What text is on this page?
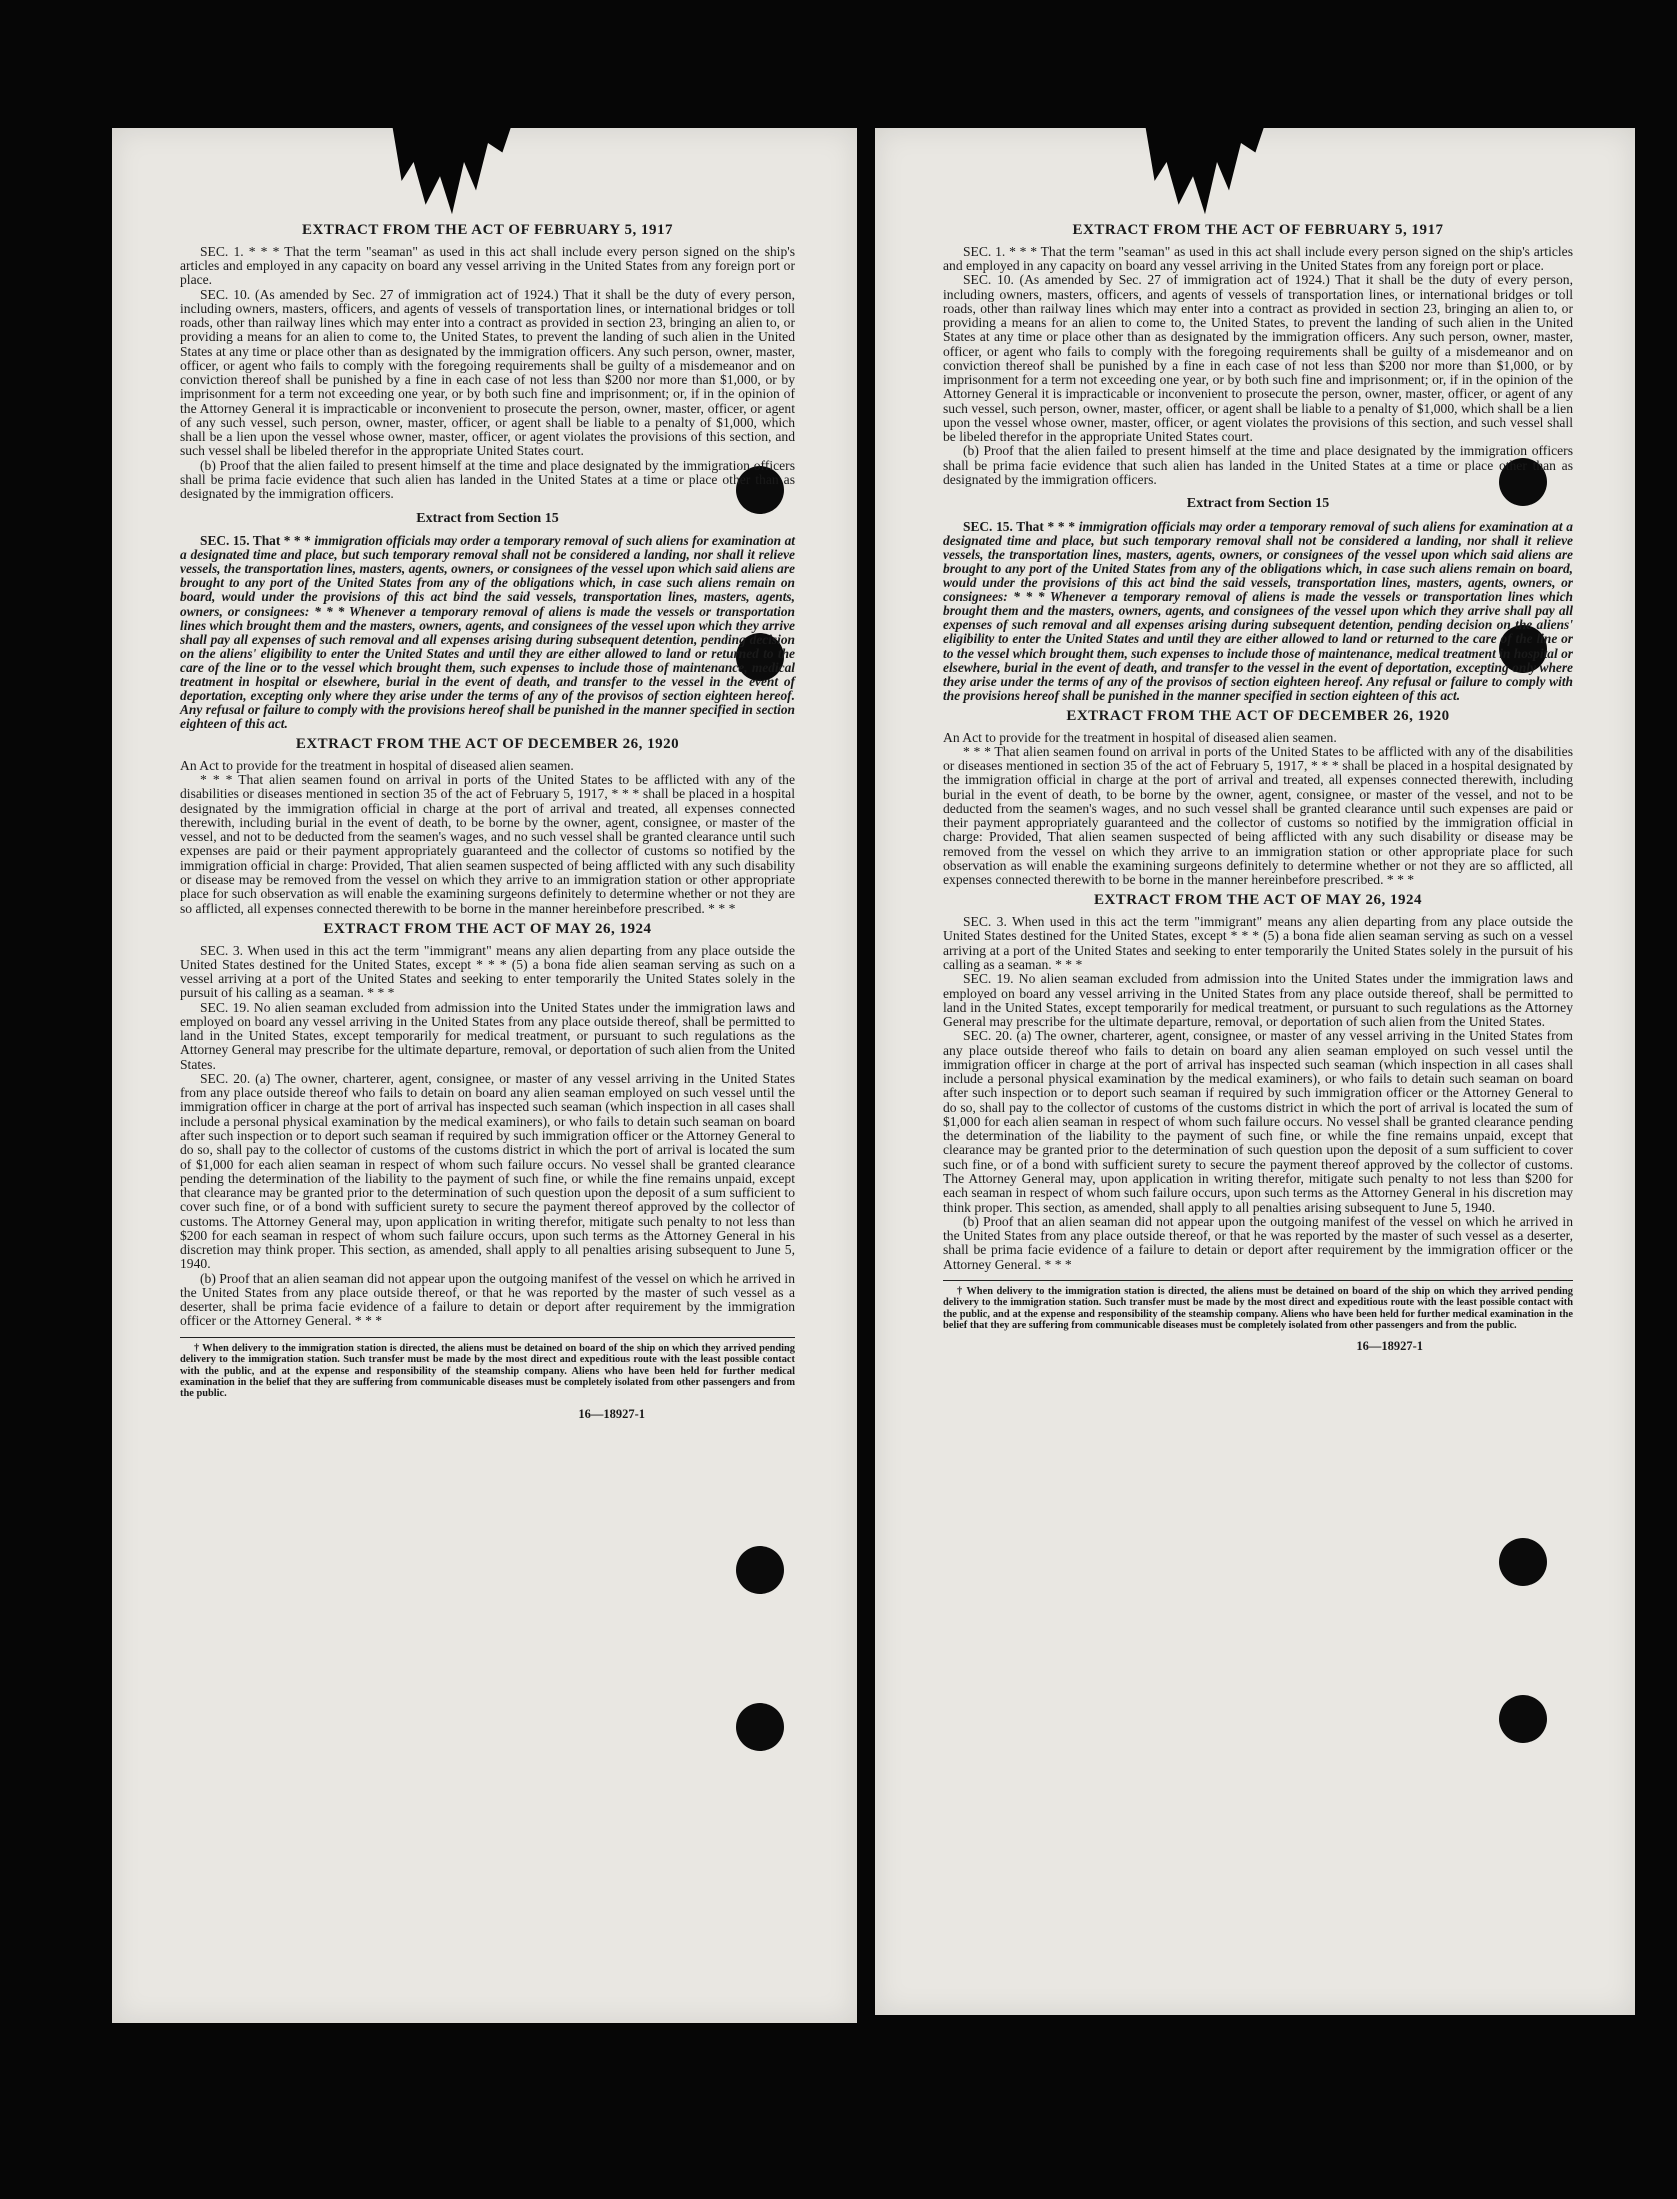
EXTRACT FROM THE ACT OF FEBRUARY 5, 1917

SEC. 1. * * * That the term "seaman" as used in this act shall include every person signed on the ship's articles and employed in any capacity on board any vessel arriving in the United States from any foreign port or place.

SEC. 10. (As amended by Sec. 27 of immigration act of 1924.) That it shall be the duty of every person, including owners, masters, officers, and agents of vessels of transportation lines, or international bridges or toll roads, other than railway lines which may enter into a contract as provided in section 23, bringing an alien to, or providing a means for an alien to come to, the United States, to prevent the landing of such alien in the United States at any time or place other than as designated by the immigration officers. Any such person, owner, master, officer, or agent who fails to comply with the foregoing requirements shall be guilty of a misdemeanor and on conviction thereof shall be punished by a fine in each case of not less than $200 nor more than $1,000, or by imprisonment for a term not exceeding one year, or by both such fine and imprisonment; or, if in the opinion of the Attorney General it is impracticable or inconvenient to prosecute the person, owner, master, officer, or agent of any such vessel, such person, owner, master, officer, or agent shall be liable to a penalty of $1,000, which shall be a lien upon the vessel whose owner, master, officer, or agent violates the provisions of this section, and such vessel shall be libeled therefor in the appropriate United States court.

(b) Proof that the alien failed to present himself at the time and place designated by the immigration officers shall be prima facie evidence that such alien has landed in the United States at a time or place other than as designated by the immigration officers.

Extract from Section 15

SEC. 15. That * * * immigration officials may order a temporary removal of such aliens for examination at a designated time and place, but such temporary removal shall not be considered a landing, nor shall it relieve vessels, the transportation lines, masters, agents, owners, or consignees of the vessel upon which said aliens are brought to any port of the United States from any of the obligations which, in case such aliens remain on board, would under the provisions of this act bind the said vessels, transportation lines, masters, agents, owners, or consignees: * * * Whenever a temporary removal of aliens is made the vessels or transportation lines which brought them and the masters, owners, agents, and consignees of the vessel upon which they arrive shall pay all expenses of such removal and all expenses arising during subsequent detention, pending decision on the aliens' eligibility to enter the United States and until they are either allowed to land or returned to the care of the line or to the vessel which brought them, such expenses to include those of maintenance, medical treatment in hospital or elsewhere, burial in the event of death, and transfer to the vessel in the event of deportation, excepting only where they arise under the terms of any of the provisos of section eighteen hereof. Any refusal or failure to comply with the provisions hereof shall be punished in the manner specified in section eighteen of this act.

EXTRACT FROM THE ACT OF DECEMBER 26, 1920

An Act to provide for the treatment in hospital of diseased alien seamen.

* * * That alien seamen found on arrival in ports of the United States to be afflicted with any of the disabilities or diseases mentioned in section 35 of the act of February 5, 1917, * * * shall be placed in a hospital designated by the immigration official in charge at the port of arrival and treated, all expenses connected therewith, including burial in the event of death, to be borne by the owner, agent, consignee, or master of the vessel, and not to be deducted from the seamen's wages, and no such vessel shall be granted clearance until such expenses are paid or their payment appropriately guaranteed and the collector of customs so notified by the immigration official in charge: Provided, That alien seamen suspected of being afflicted with any such disability or disease may be removed from the vessel on which they arrive to an immigration station or other appropriate place for such observation as will enable the examining surgeons definitely to determine whether or not they are so afflicted, all expenses connected therewith to be borne in the manner hereinbefore prescribed. * * *

EXTRACT FROM THE ACT OF MAY 26, 1924

SEC. 3. When used in this act the term "immigrant" means any alien departing from any place outside the United States destined for the United States, except * * * (5) a bona fide alien seaman serving as such on a vessel arriving at a port of the United States and seeking to enter temporarily the United States solely in the pursuit of his calling as a seaman. * * *

SEC. 19. No alien seaman excluded from admission into the United States under the immigration laws and employed on board any vessel arriving in the United States from any place outside thereof, shall be permitted to land in the United States, except temporarily for medical treatment, or pursuant to such regulations as the Attorney General may prescribe for the ultimate departure, removal, or deportation of such alien from the United States.

SEC. 20. (a) The owner, charterer, agent, consignee, or master of any vessel arriving in the United States from any place outside thereof who fails to detain on board any alien seaman employed on such vessel until the immigration officer in charge at the port of arrival has inspected such seaman (which inspection in all cases shall include a personal physical examination by the medical examiners), or who fails to detain such seaman on board after such inspection or to deport such seaman if required by such immigration officer or the Attorney General to do so, shall pay to the collector of customs of the customs district in which the port of arrival is located the sum of $1,000 for each alien seaman in respect of whom such failure occurs. No vessel shall be granted clearance pending the determination of the liability to the payment of such fine, or while the fine remains unpaid, except that clearance may be granted prior to the determination of such question upon the deposit of a sum sufficient to cover such fine, or of a bond with sufficient surety to secure the payment thereof approved by the collector of customs. The Attorney General may, upon application in writing therefor, mitigate such penalty to not less than $200 for each seaman in respect of whom such failure occurs, upon such terms as the Attorney General in his discretion may think proper. This section, as amended, shall apply to all penalties arising subsequent to June 5, 1940.

(b) Proof that an alien seaman did not appear upon the outgoing manifest of the vessel on which he arrived in the United States from any place outside thereof, or that he was reported by the master of such vessel as a deserter, shall be prima facie evidence of a failure to detain or deport after requirement by the immigration officer or the Attorney General. * * *

† When delivery to the immigration station is directed, the aliens must be detained on board of the ship on which they arrived pending delivery to the immigration station. Such transfer must be made by the most direct and expeditious route with the least possible contact with the public, and at the expense and responsibility of the steamship company. Aliens who have been held for further medical examination in the belief that they are suffering from communicable diseases must be completely isolated from other passengers and from the public.

16—18927-1
EXTRACT FROM THE ACT OF FEBRUARY 5, 1917

SEC. 1. * * * That the term "seaman" as used in this act shall include every person signed on the ship's articles and employed in any capacity on board any vessel arriving in the United States from any foreign port or place.

SEC. 10. (As amended by Sec. 27 of immigration act of 1924.) That it shall be the duty of every person, including owners, masters, officers, and agents of vessels of transportation lines, or international bridges or toll roads, other than railway lines which may enter into a contract as provided in section 23, bringing an alien to, or providing a means for an alien to come to, the United States, to prevent the landing of such alien in the United States at any time or place other than as designated by the immigration officers. Any such person, owner, master, officer, or agent who fails to comply with the foregoing requirements shall be guilty of a misdemeanor and on conviction thereof shall be punished by a fine in each case of not less than $200 nor more than $1,000, or by imprisonment for a term not exceeding one year, or by both such fine and imprisonment; or, if in the opinion of the Attorney General it is impracticable or inconvenient to prosecute the person, owner, master, officer, or agent of any such vessel, such person, owner, master, officer, or agent shall be liable to a penalty of $1,000, which shall be a lien upon the vessel whose owner, master, officer, or agent violates the provisions of this section, and such vessel shall be libeled therefor in the appropriate United States court.

(b) Proof that the alien failed to present himself at the time and place designated by the immigration officers shall be prima facie evidence that such alien has landed in the United States at a time or place other than as designated by the immigration officers.

Extract from Section 15

SEC. 15. That * * * immigration officials may order a temporary removal of such aliens for examination at a designated time and place, but such temporary removal shall not be considered a landing, nor shall it relieve vessels, the transportation lines, masters, agents, owners, or consignees of the vessel upon which said aliens are brought to any port of the United States from any of the obligations which, in case such aliens remain on board, would under the provisions of this act bind the said vessels, transportation lines, masters, agents, owners, or consignees: * * * Whenever a temporary removal of aliens is made the vessels or transportation lines which brought them and the masters, owners, agents, and consignees of the vessel upon which they arrive shall pay all expenses of such removal and all expenses arising during subsequent detention, pending decision on the aliens' eligibility to enter the United States and until they are either allowed to land or returned to the care of the line or to the vessel which brought them, such expenses to include those of maintenance, medical treatment in hospital or elsewhere, burial in the event of death, and transfer to the vessel in the event of deportation, excepting only where they arise under the terms of any of the provisos of section eighteen hereof. Any refusal or failure to comply with the provisions hereof shall be punished in the manner specified in section eighteen of this act.

EXTRACT FROM THE ACT OF DECEMBER 26, 1920

An Act to provide for the treatment in hospital of diseased alien seamen.

* * * That alien seamen found on arrival in ports of the United States to be afflicted with any of the disabilities or diseases mentioned in section 35 of the act of February 5, 1917, * * * shall be placed in a hospital designated by the immigration official in charge at the port of arrival and treated, all expenses connected therewith, including burial in the event of death, to be borne by the owner, agent, consignee, or master of the vessel, and not to be deducted from the seamen's wages, and no such vessel shall be granted clearance until such expenses are paid or their payment appropriately guaranteed and the collector of customs so notified by the immigration official in charge: Provided, That alien seamen suspected of being afflicted with any such disability or disease may be removed from the vessel on which they arrive to an immigration station or other appropriate place for such observation as will enable the examining surgeons definitely to determine whether or not they are so afflicted, all expenses connected therewith to be borne in the manner hereinbefore prescribed. * * *

EXTRACT FROM THE ACT OF MAY 26, 1924

SEC. 3. When used in this act the term "immigrant" means any alien departing from any place outside the United States destined for the United States, except * * * (5) a bona fide alien seaman serving as such on a vessel arriving at a port of the United States and seeking to enter temporarily the United States solely in the pursuit of his calling as a seaman. * * *

SEC. 19. No alien seaman excluded from admission into the United States under the immigration laws and employed on board any vessel arriving in the United States from any place outside thereof, shall be permitted to land in the United States, except temporarily for medical treatment, or pursuant to such regulations as the Attorney General may prescribe for the ultimate departure, removal, or deportation of such alien from the United States.

SEC. 20. (a) The owner, charterer, agent, consignee, or master of any vessel arriving in the United States from any place outside thereof who fails to detain on board any alien seaman employed on such vessel until the immigration officer in charge at the port of arrival has inspected such seaman (which inspection in all cases shall include a personal physical examination by the medical examiners), or who fails to detain such seaman on board after such inspection or to deport such seaman if required by such immigration officer or the Attorney General to do so, shall pay to the collector of customs of the customs district in which the port of arrival is located the sum of $1,000 for each alien seaman in respect of whom such failure occurs. No vessel shall be granted clearance pending the determination of the liability to the payment of such fine, or while the fine remains unpaid, except that clearance may be granted prior to the determination of such question upon the deposit of a sum sufficient to cover such fine, or of a bond with sufficient surety to secure the payment thereof approved by the collector of customs. The Attorney General may, upon application in writing therefor, mitigate such penalty to not less than $200 for each seaman in respect of whom such failure occurs, upon such terms as the Attorney General in his discretion may think proper. This section, as amended, shall apply to all penalties arising subsequent to June 5, 1940.

(b) Proof that an alien seaman did not appear upon the outgoing manifest of the vessel on which he arrived in the United States from any place outside thereof, or that he was reported by the master of such vessel as a deserter, shall be prima facie evidence of a failure to detain or deport after requirement by the immigration officer or the Attorney General. * * *

† When delivery to the immigration station is directed, the aliens must be detained on board of the ship on which they arrived pending delivery to the immigration station. Such transfer must be made by the most direct and expeditious route with the least possible contact with the public, and at the expense and responsibility of the steamship company. Aliens who have been held for further medical examination in the belief that they are suffering from communicable diseases must be completely isolated from other passengers and from the public.

16—18927-1
